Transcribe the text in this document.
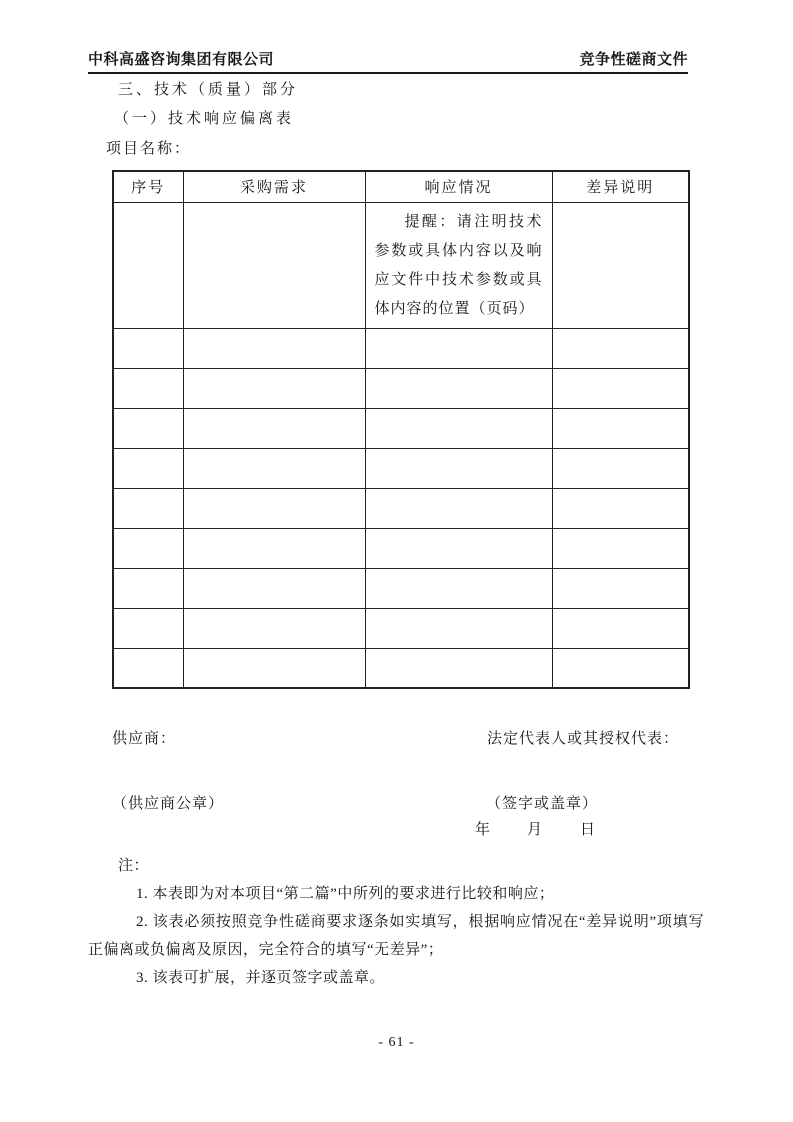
中科高盛咨询集团有限公司	竞争性磋商文件
三、技术（质量）部分
（一）技术响应偏离表
项目名称：
序号	采购需求	响应情况	差异说明

		提醒：请注明技术参数或具体内容以及响应文件中技术参数或具体内容的位置（页码）	

供应商：	法定代表人或其授权代表：
（供应商公章）	（签字或盖章）
年 月	日

注：

1. 本表即为对本项目“第二篇”中所列的要求进行比较和响应；

2. 该表必须按照竞争性磋商要求逐条如实填写，根据响应情况在“差异说明”项填写正偏离或负偏离及原因，完全符合的填写“无差异”；

3. 该表可扩展，并逐页签字或盖章。

- 61 -
